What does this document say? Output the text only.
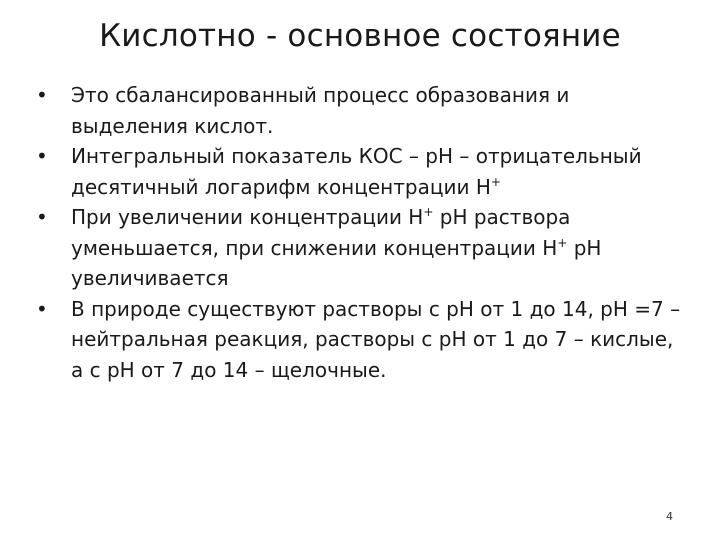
Кислотно - основное состояние
•	Это сбалансированный процесс образования и выделения кислот.
•	Интегральный показатель КОС – рН – отрицательный десятичный логарифм концентрации Н+
•	При увеличении концентрации Н+ рН раствора уменьшается, при снижении концентрации Н+ рН увеличивается
•	В природе существуют растворы с рН от 1 до 14, рН =7 – нейтральная реакция, растворы с рН от 1 до 7 – кислые, а с рН от 7 до 14 – щелочные.
4
